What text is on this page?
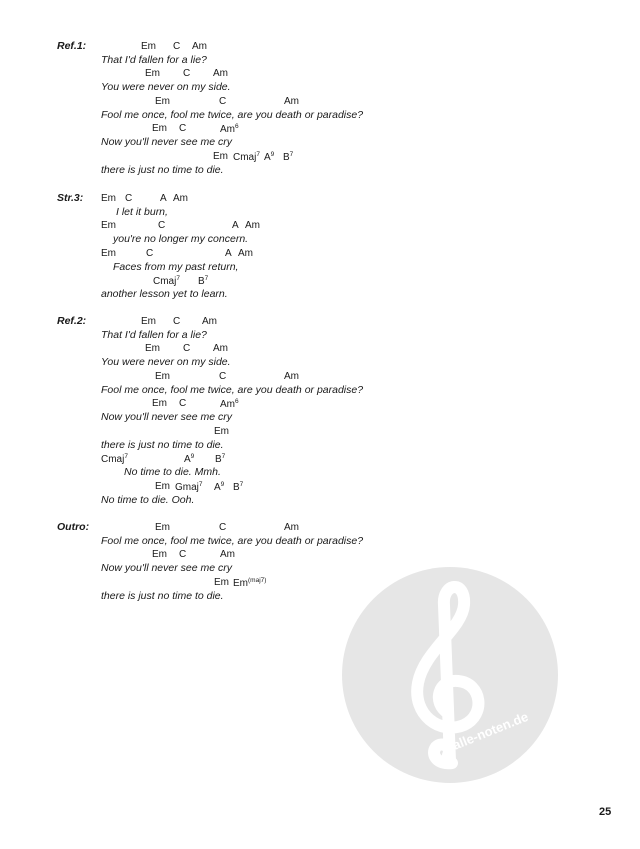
Ref.1:	Em C Am
That I'd fallen for a lie?
Em C Am
You were never on my side.
Em	C	Am
Fool me once, fool me twice, are you death or paradise?
Em C	Am$^6$
Now you'll never see me cry
Em Cmaj$^7$ $A^9$ $B^7$
there is just no time to die.
Str.3: Em C	A Am
I let it burn,
Em	C	A Am
you're no longer my concern.
Em	C	A Am
Faces from my past return,
Cmaj$^7$ $B^7$
another lesson yet to learn.
Ref.2:	Em C Am
That I'd fallen for a lie?
Em C Am
You were never on my side.
Em	C	Am
Fool me once, fool me twice, are you death or paradise?
Em C	Am$^6$
Now you'll never see me cry
Em
there is just no time to die.
Cmaj$^7$	$A^9$ $B^7$
No time to die. Mmh.
Em Gmaj$^7$ $A^9$ $B^7$
No time to die. Ooh.
Outro:	Em	C	Am
Fool me once, fool me twice, are you death or paradise?
Em C	Am
Now you'll never see me cry
Em $Em^{(maj7)}$
there is just no time to die.
alle-noten.de
25
